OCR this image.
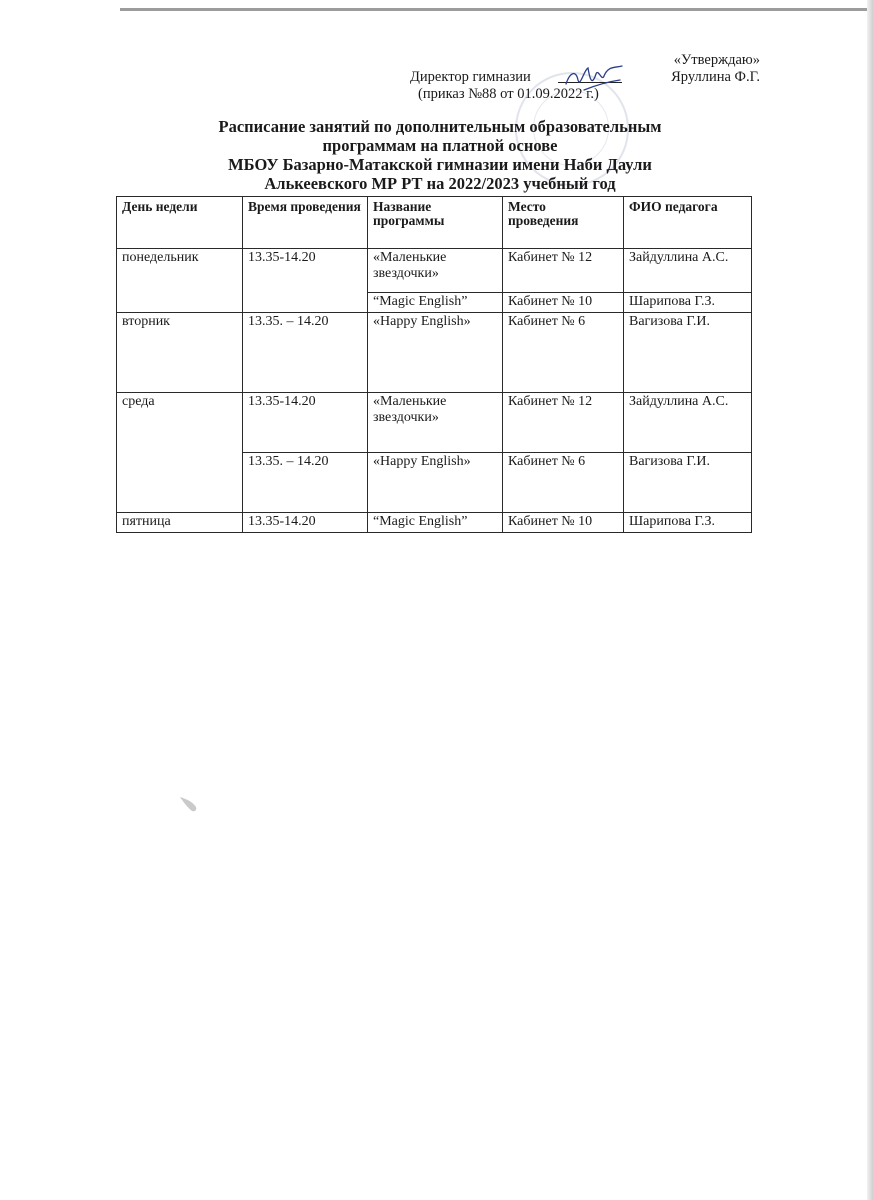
«Утверждаю»
Директор гимназии	Яруллина Ф.Г.
(приказ №88 от 01.09.2022 г.)
Расписание занятий по дополнительным образовательным
программам на платной основе
МБОУ Базарно-Матакской гимназии имени Наби Даули
Алькеевского МР РТ на 2022/2023 учебный год
День недели	Время проведения	Название программы	Место проведения	ФИО педагога
понедельник	13.35-14.20	«Маленькие звездочки»	Кабинет № 12	Зайдуллина А.С.
		“Magic English”	Кабинет № 10	Шарипова Г.З.
вторник	13.35. – 14.20	«Happy English»	Кабинет № 6	Вагизова Г.И.
среда	13.35-14.20	«Маленькие звездочки»	Кабинет № 12	Зайдуллина А.С.
	13.35. – 14.20	«Happy English»	Кабинет № 6	Вагизова Г.И.
пятница	13.35-14.20	“Magic English”	Кабинет № 10	Шарипова Г.З.
